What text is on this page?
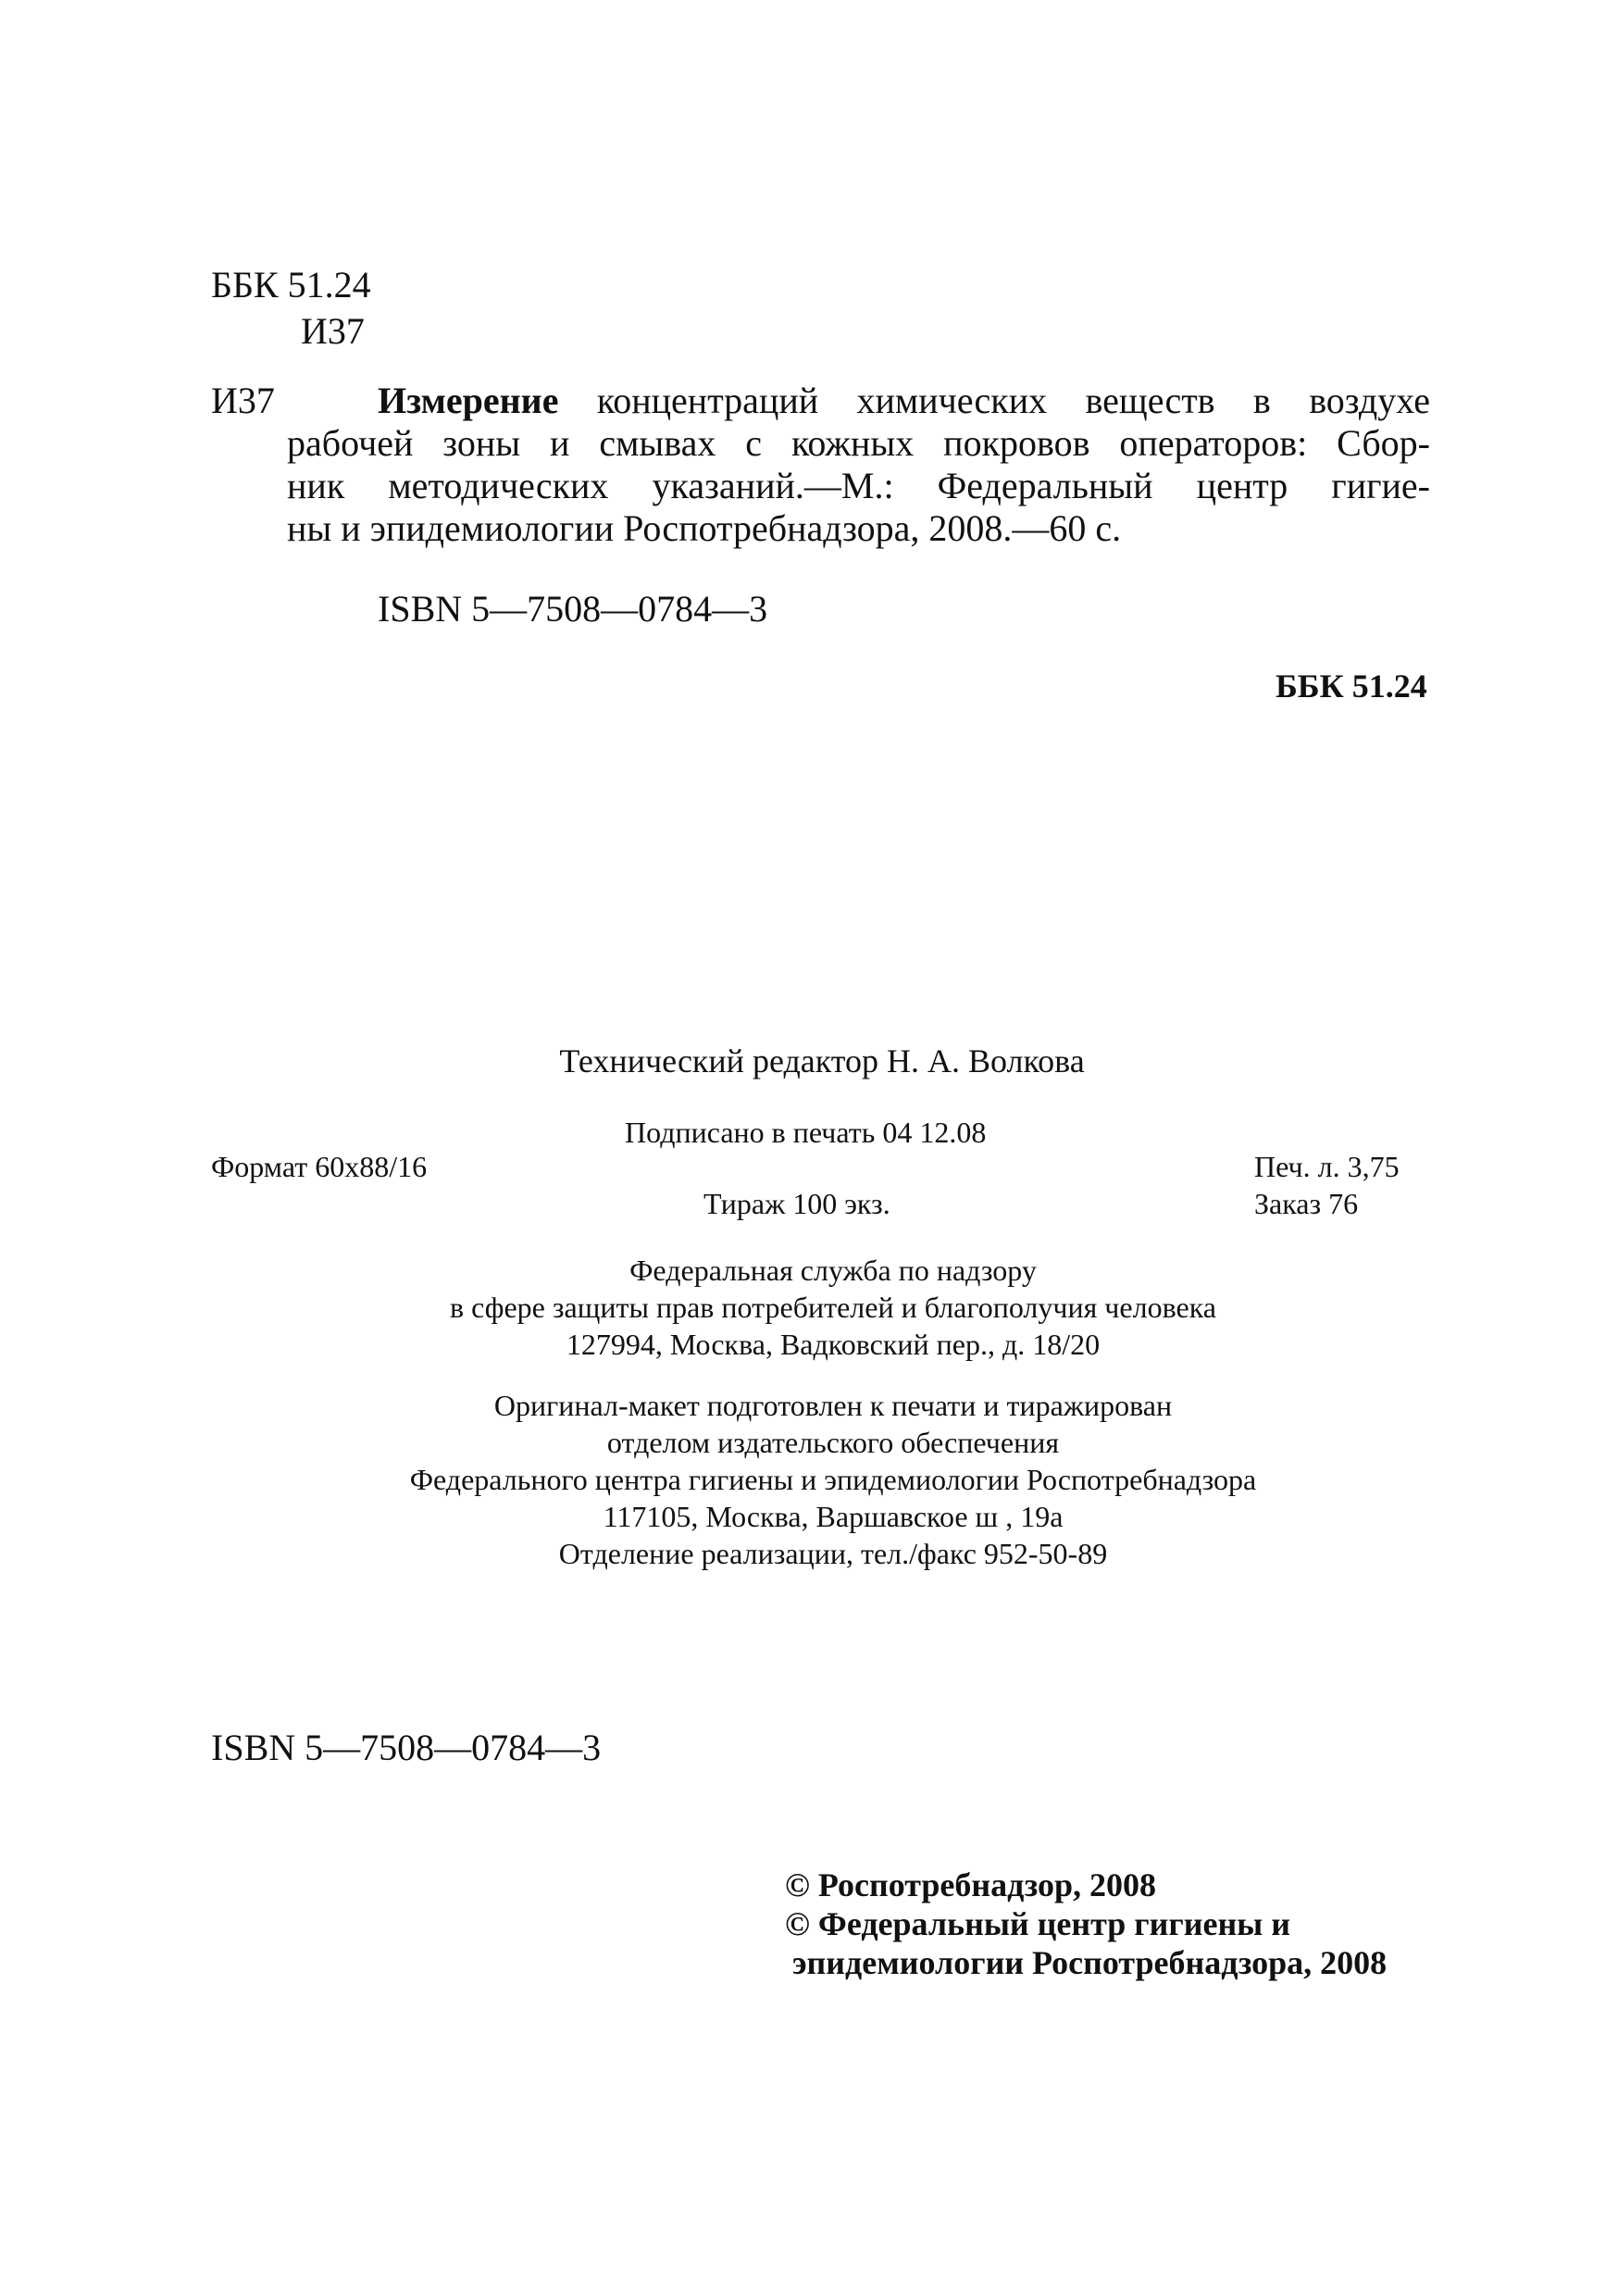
ББК 51.24
И37
И37	Измерение концентраций химических веществ в воздухе
рабочей зоны и смывах с кожных покровов операторов: Сбор-
ник методических указаний.—М.: Федеральный центр гигие-
ны и эпидемиологии Роспотребнадзора, 2008.—60 с.
ISBN 5—7508—0784—3
ББК 51.24
Технический редактор Н. А. Волкова
Подписано в печать 04 12.08
Формат 60x88/16	Печ. л. 3,75
Тираж 100 экз.	Заказ 76
Федеральная служба по надзору
в сфере защиты прав потребителей и благополучия человека
127994, Москва, Вадковский пер., д. 18/20
Оригинал-макет подготовлен к печати и тиражирован
отделом издательского обеспечения
Федерального центра гигиены и эпидемиологии Роспотребнадзора
117105, Москва, Варшавское ш , 19а
Отделение реализации, тел./факс 952-50-89
ISBN 5—7508—0784—3
© Роспотребнадзор, 2008
© Федеральный центр гигиены и
эпидемиологии Роспотребнадзора, 2008
